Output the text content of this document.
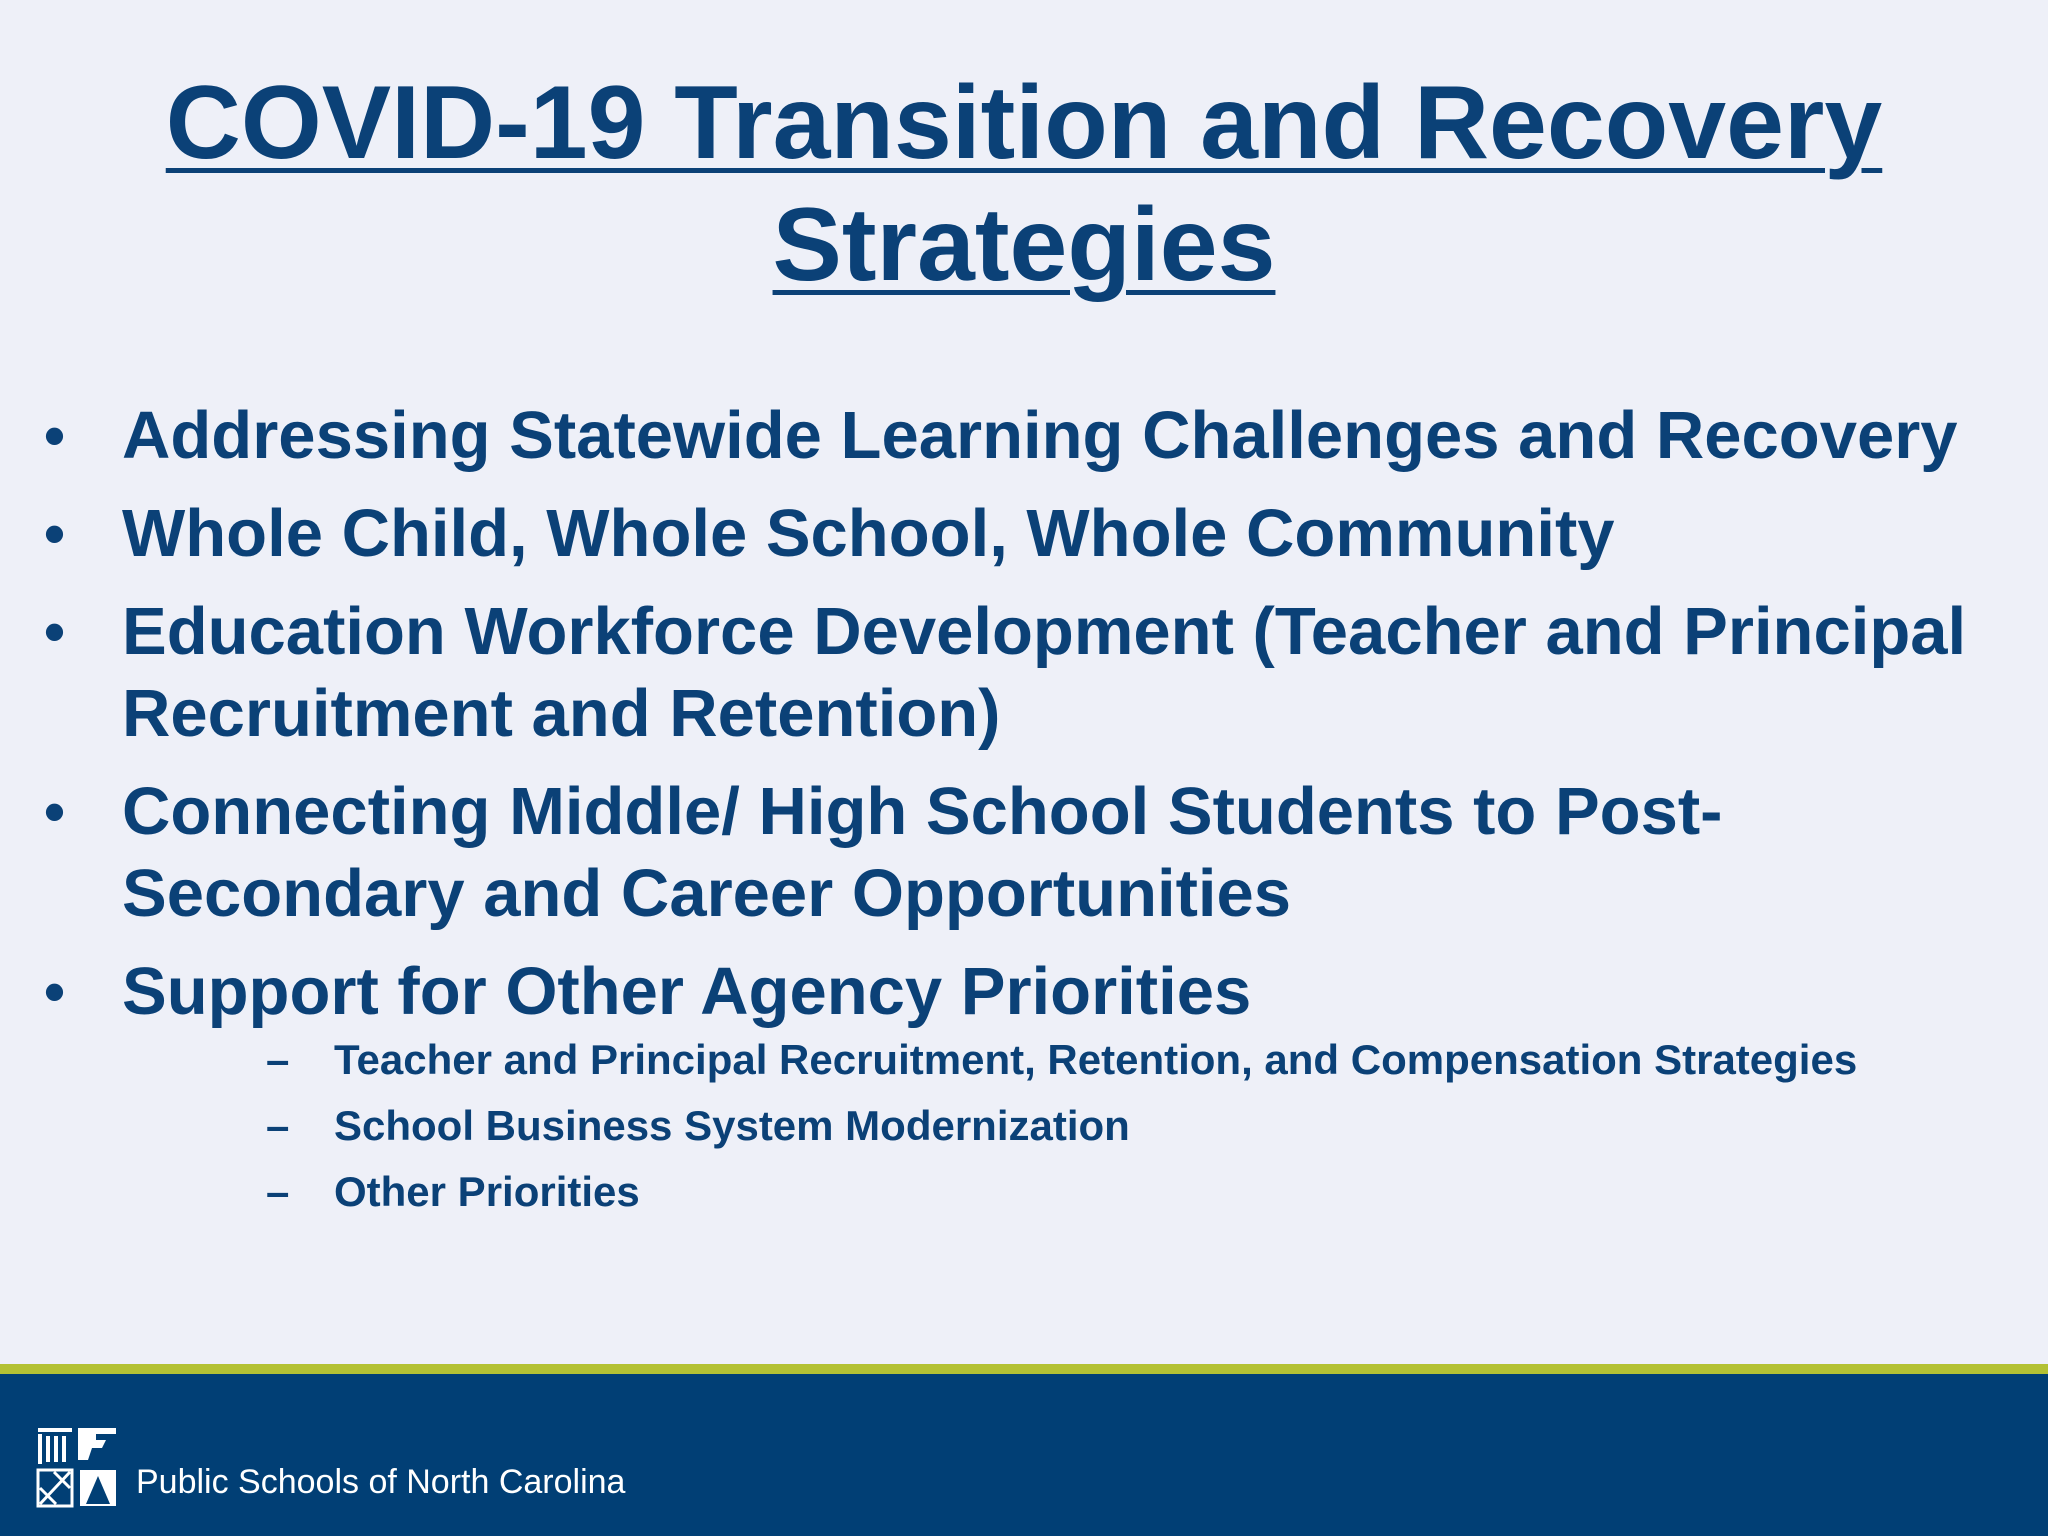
COVID-19 Transition and Recovery
Strategies
• Addressing Statewide Learning Challenges and Recovery
• Whole Child, Whole School, Whole Community
• Education Workforce Development (Teacher and Principal
Recruitment and Retention)
• Connecting Middle/ High School Students to Post-
Secondary and Career Opportunities
• Support for Other Agency Priorities
– Teacher and Principal Recruitment, Retention, and Compensation Strategies
– School Business System Modernization
– Other Priorities
Public Schools of North Carolina
